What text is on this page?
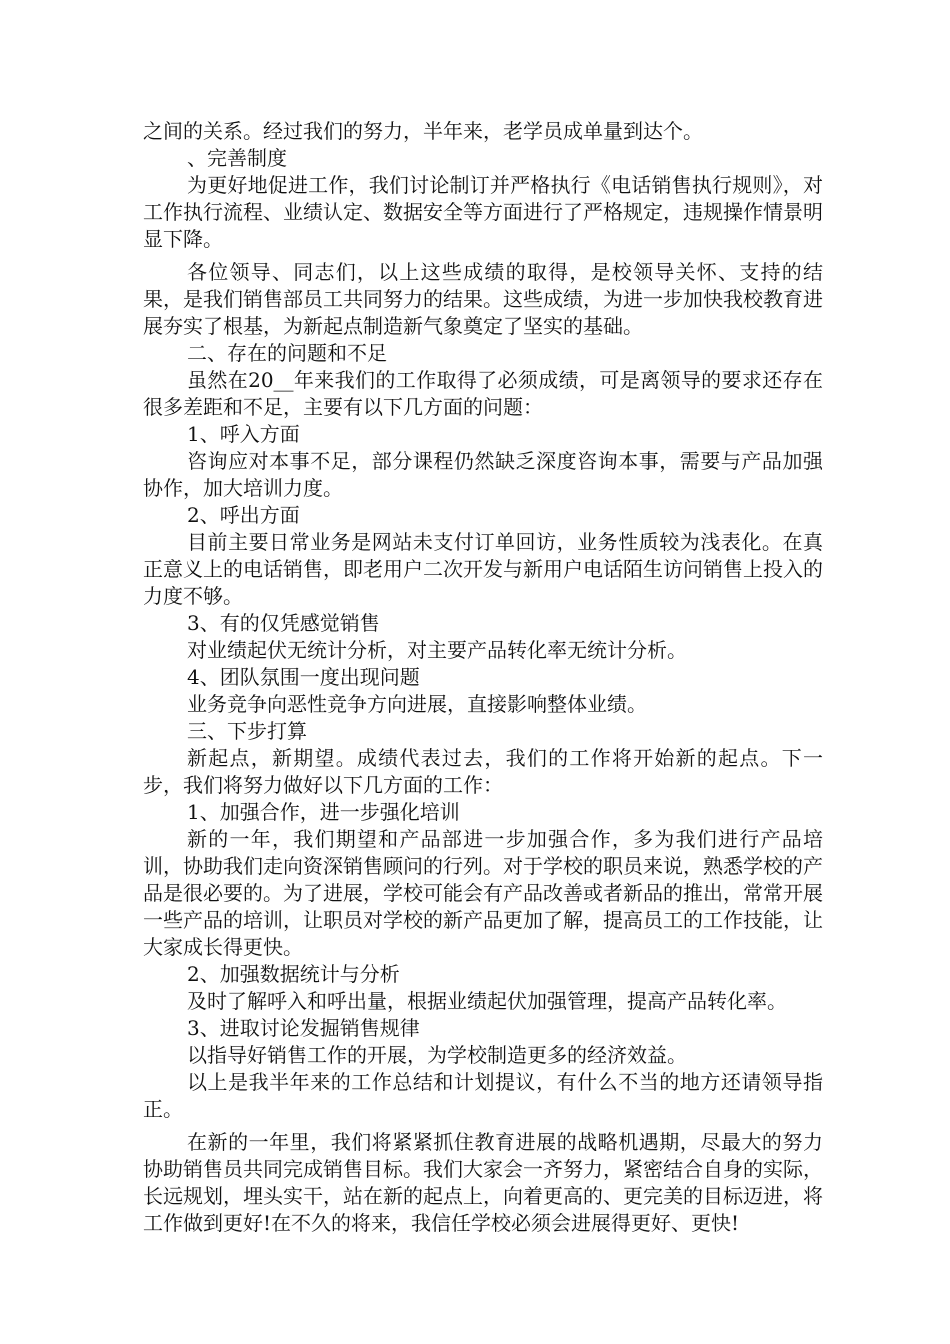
之间的关系。经过我们的努力，半年来，老学员成单量到达个。

、完善制度

为更好地促进工作，我们讨论制订并严格执行《电话销售执行规则》，对工作执行流程、业绩认定、数据安全等方面进行了严格规定，违规操作情景明显下降。

各位领导、同志们，以上这些成绩的取得，是校领导关怀、支持的结果，是我们销售部员工共同努力的结果。这些成绩，为进一步加快我校教育进展夯实了根基，为新起点制造新气象奠定了坚实的基础。

二、存在的问题和不足

虽然在20__年来我们的工作取得了必须成绩，可是离领导的要求还存在很多差距和不足，主要有以下几方面的问题：

1、呼入方面

咨询应对本事不足，部分课程仍然缺乏深度咨询本事，需要与产品加强协作，加大培训力度。

2、呼出方面

目前主要日常业务是网站未支付订单回访，业务性质较为浅表化。在真正意义上的电话销售，即老用户二次开发与新用户电话陌生访问销售上投入的力度不够。

3、有的仅凭感觉销售

对业绩起伏无统计分析，对主要产品转化率无统计分析。

4、团队氛围一度出现问题

业务竞争向恶性竞争方向进展，直接影响整体业绩。

三、下步打算

新起点，新期望。成绩代表过去，我们的工作将开始新的起点。下一步，我们将努力做好以下几方面的工作：

1、加强合作，进一步强化培训

新的一年，我们期望和产品部进一步加强合作，多为我们进行产品培训，协助我们走向资深销售顾问的行列。对于学校的职员来说，熟悉学校的产品是很必要的。为了进展，学校可能会有产品改善或者新品的推出，常常开展一些产品的培训，让职员对学校的新产品更加了解，提高员工的工作技能，让大家成长得更快。

2、加强数据统计与分析

及时了解呼入和呼出量，根据业绩起伏加强管理，提高产品转化率。

3、进取讨论发掘销售规律

以指导好销售工作的开展，为学校制造更多的经济效益。

以上是我半年来的工作总结和计划提议，有什么不当的地方还请领导指正。

在新的一年里，我们将紧紧抓住教育进展的战略机遇期，尽最大的努力协助销售员共同完成销售目标。我们大家会一齐努力，紧密结合自身的实际，长远规划，埋头实干，站在新的起点上，向着更高的、更完美的目标迈进，将工作做到更好!在不久的将来，我信任学校必须会进展得更好、更快!
